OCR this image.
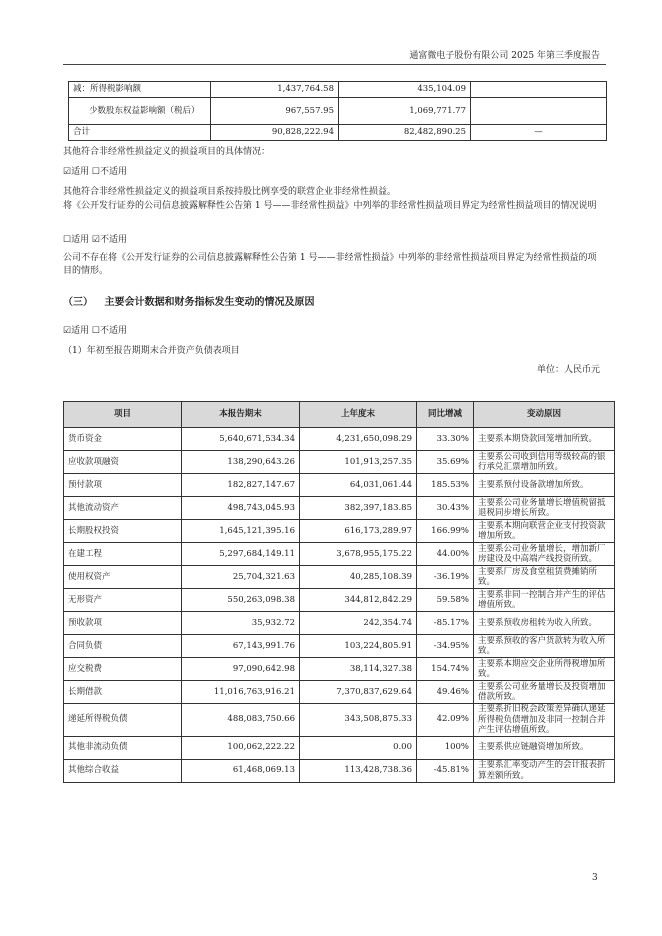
通富微电子股份有限公司 2025 年第三季度报告
减：所得税影响额	1,437,764.58	435,104.09	
少数股东权益影响额（税后）	967,557.95	1,069,771.77	
合计	90,828,222.94	82,482,890.25	—
其他符合非经常性损益定义的损益项目的具体情况：
☑适用 ☐不适用
其他符合非经常性损益定义的损益项目系按持股比例享受的联营企业非经常性损益。
将《公开发行证券的公司信息披露解释性公告第 1 号——非经常性损益》中列举的非经常性损益项目界定为经常性损益项目的情况说明
☐适用 ☑不适用
公司不存在将《公开发行证券的公司信息披露解释性公告第 1 号——非经常性损益》中列举的非经常性损益项目界定为经常性损益的项目的情形。
（三） 主要会计数据和财务指标发生变动的情况及原因
☑适用 ☐不适用
（1）年初至报告期期末合并资产负债表项目
单位：人民币元
项目	本报告期末	上年度末	同比增减	变动原因
货币资金	5,640,671,534.34	4,231,650,098.29	33.30%	主要系本期贷款回笼增加所致。
应收款项融资	138,290,643.26	101,913,257.35	35.69%	主要系公司收到信用等级较高的银行承兑汇票增加所致。
预付款项	182,827,147.67	64,031,061.44	185.53%	主要系预付设备款增加所致。
其他流动资产	498,743,045.93	382,397,183.85	30.43%	主要系公司业务量增长增值税留抵退税同步增长所致。
长期股权投资	1,645,121,395.16	616,173,289.97	166.99%	主要系本期向联营企业支付投资款增加所致。
在建工程	5,297,684,149.11	3,678,955,175.22	44.00%	主要系公司业务量增长，增加新厂房建设及中高端产线投资所致。
使用权资产	25,704,321.63	40,285,108.39	-36.19%	主要系厂房及食堂租赁费摊销所致。
无形资产	550,263,098.38	344,812,842.29	59.58%	主要系非同一控制合并产生的评估增值所致。
预收款项	35,932.72	242,354.74	-85.17%	主要系预收房租转为收入所致。
合同负债	67,143,991.76	103,224,805.91	-34.95%	主要系预收的客户货款转为收入所致。
应交税费	97,090,642.98	38,114,327.38	154.74%	主要系本期应交企业所得税增加所致。
长期借款	11,016,763,916.21	7,370,837,629.64	49.46%	主要系公司业务量增长及投资增加借款所致。
递延所得税负债	488,083,750.66	343,508,875.33	42.09%	主要系折旧税会政策差异确认递延所得税负债增加及非同一控制合并产生评估增值所致。
其他非流动负债	100,062,222.22	0.00	100%	主要系供应链融资增加所致。
其他综合收益	61,468,069.13	113,428,738.36	-45.81%	主要系汇率变动产生的会计报表折算差额所致。
3
